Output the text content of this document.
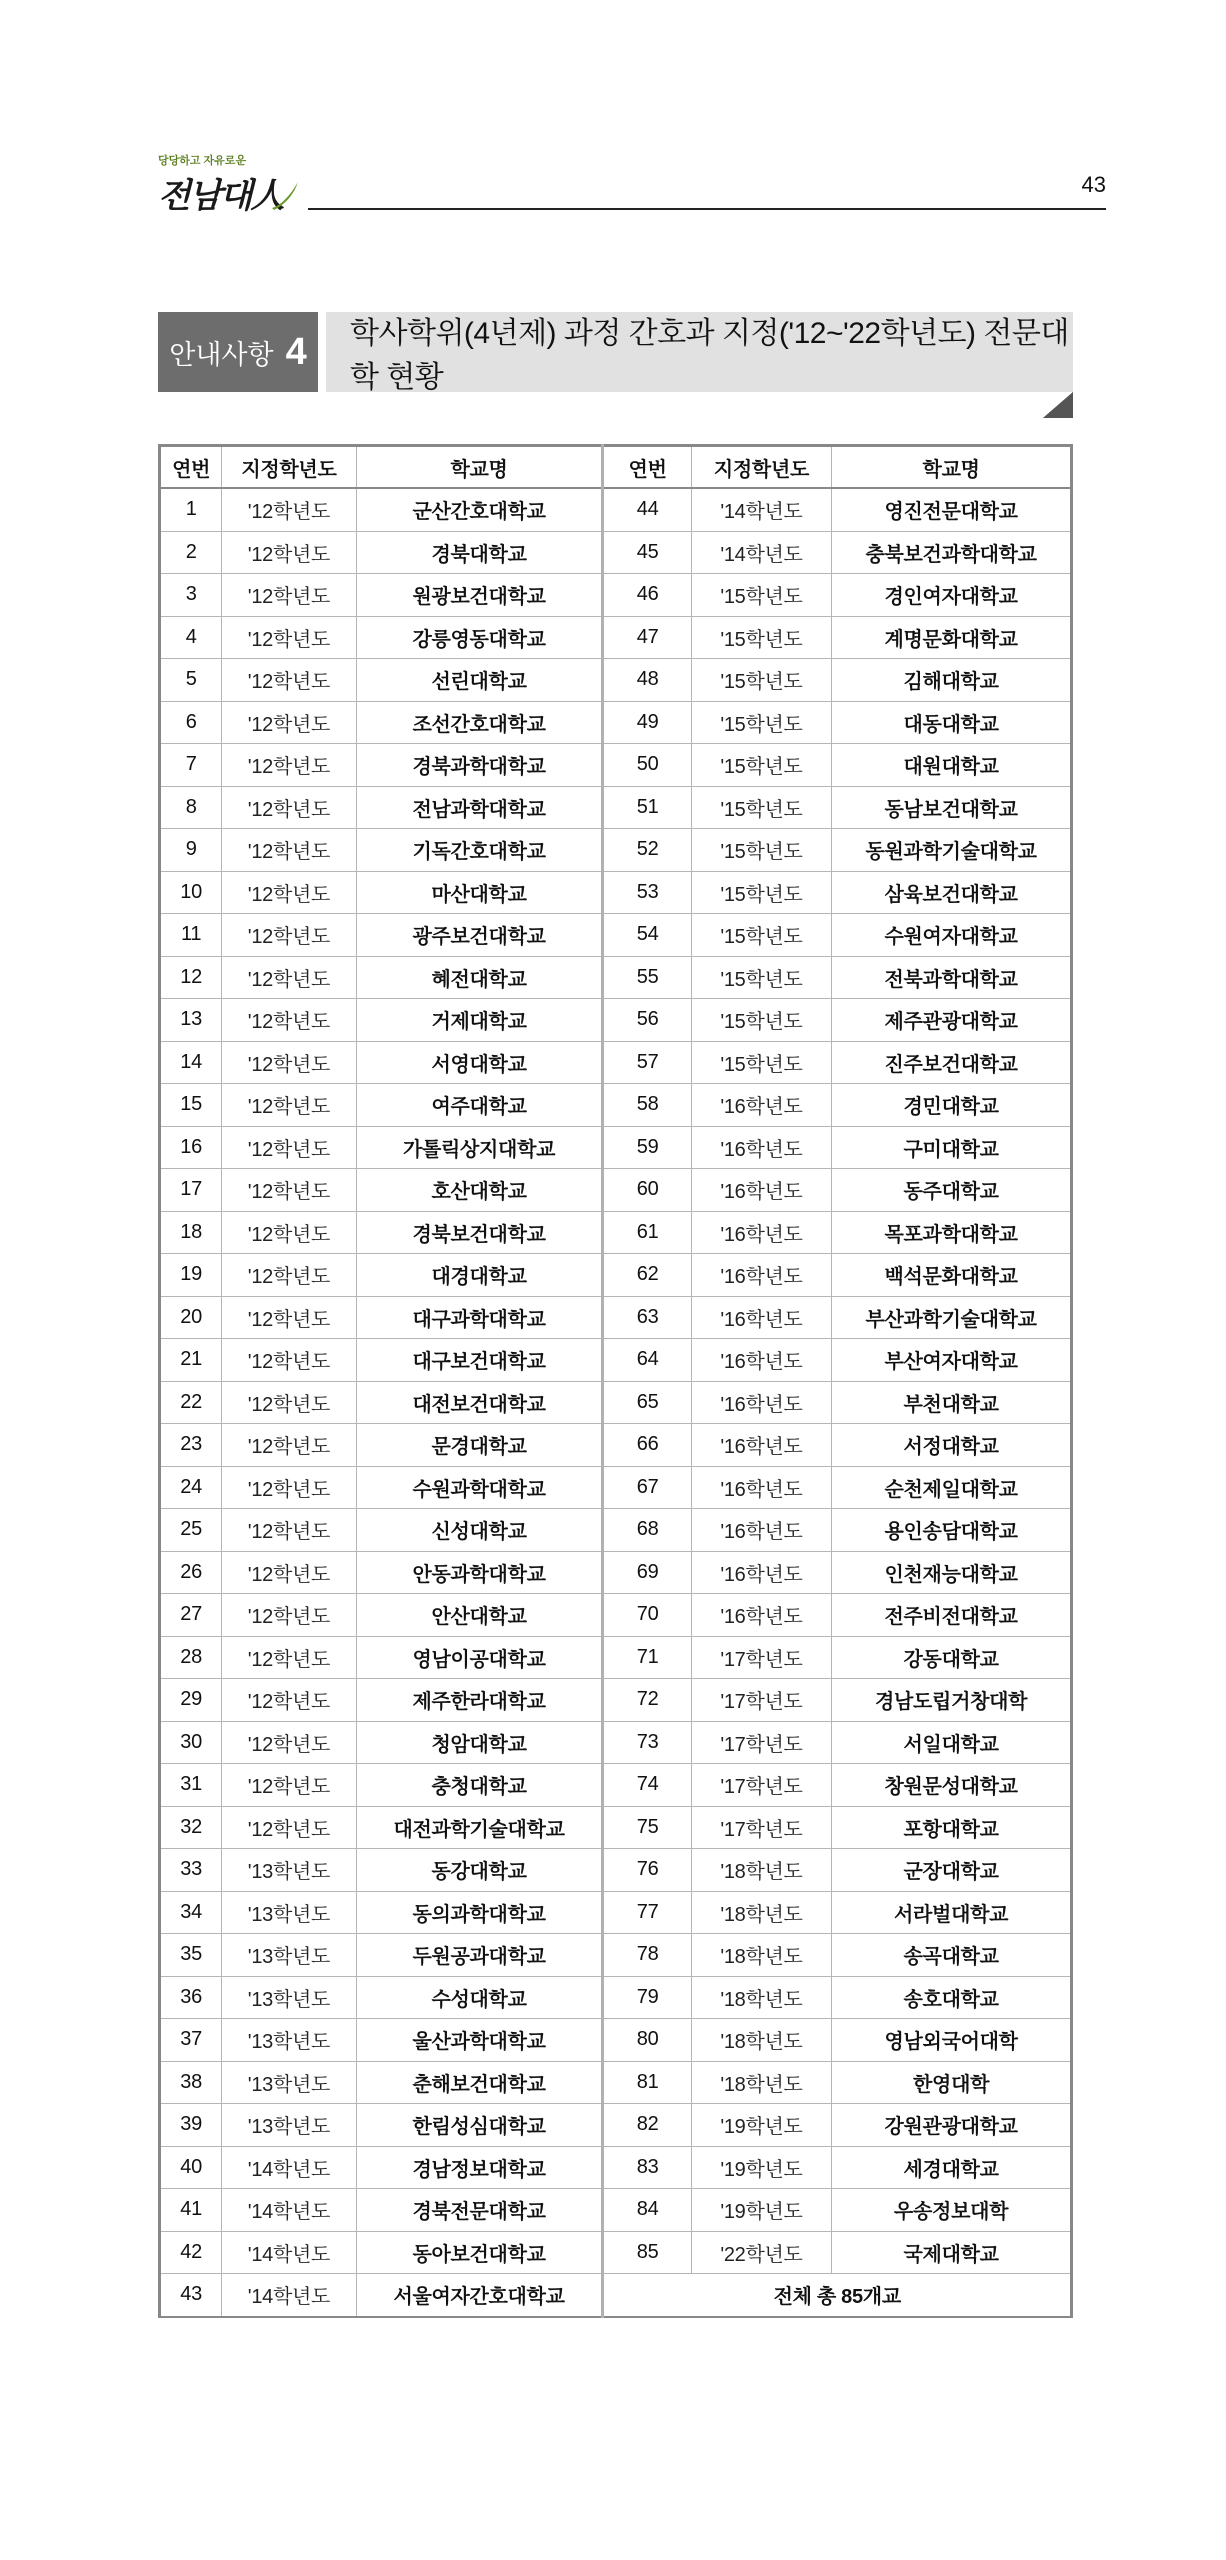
당당하고 자유로운
전남대人	43
안내사항 4	학사학위(4년제) 과정 간호과 지정('12~'22학년도) 전문대학 현황
연번	지정학년도	학교명	연번	지정학년도	학교명
1	'12학년도	군산간호대학교	44	'14학년도	영진전문대학교
2	'12학년도	경북대학교	45	'14학년도	충북보건과학대학교
3	'12학년도	원광보건대학교	46	'15학년도	경인여자대학교
4	'12학년도	강릉영동대학교	47	'15학년도	계명문화대학교
5	'12학년도	선린대학교	48	'15학년도	김해대학교
6	'12학년도	조선간호대학교	49	'15학년도	대동대학교
7	'12학년도	경북과학대학교	50	'15학년도	대원대학교
8	'12학년도	전남과학대학교	51	'15학년도	동남보건대학교
9	'12학년도	기독간호대학교	52	'15학년도	동원과학기술대학교
10	'12학년도	마산대학교	53	'15학년도	삼육보건대학교
11	'12학년도	광주보건대학교	54	'15학년도	수원여자대학교
12	'12학년도	혜전대학교	55	'15학년도	전북과학대학교
13	'12학년도	거제대학교	56	'15학년도	제주관광대학교
14	'12학년도	서영대학교	57	'15학년도	진주보건대학교
15	'12학년도	여주대학교	58	'16학년도	경민대학교
16	'12학년도	가톨릭상지대학교	59	'16학년도	구미대학교
17	'12학년도	호산대학교	60	'16학년도	동주대학교
18	'12학년도	경북보건대학교	61	'16학년도	목포과학대학교
19	'12학년도	대경대학교	62	'16학년도	백석문화대학교
20	'12학년도	대구과학대학교	63	'16학년도	부산과학기술대학교
21	'12학년도	대구보건대학교	64	'16학년도	부산여자대학교
22	'12학년도	대전보건대학교	65	'16학년도	부천대학교
23	'12학년도	문경대학교	66	'16학년도	서정대학교
24	'12학년도	수원과학대학교	67	'16학년도	순천제일대학교
25	'12학년도	신성대학교	68	'16학년도	용인송담대학교
26	'12학년도	안동과학대학교	69	'16학년도	인천재능대학교
27	'12학년도	안산대학교	70	'16학년도	전주비전대학교
28	'12학년도	영남이공대학교	71	'17학년도	강동대학교
29	'12학년도	제주한라대학교	72	'17학년도	경남도립거창대학
30	'12학년도	청암대학교	73	'17학년도	서일대학교
31	'12학년도	충청대학교	74	'17학년도	창원문성대학교
32	'12학년도	대전과학기술대학교	75	'17학년도	포항대학교
33	'13학년도	동강대학교	76	'18학년도	군장대학교
34	'13학년도	동의과학대학교	77	'18학년도	서라벌대학교
35	'13학년도	두원공과대학교	78	'18학년도	송곡대학교
36	'13학년도	수성대학교	79	'18학년도	송호대학교
37	'13학년도	울산과학대학교	80	'18학년도	영남외국어대학
38	'13학년도	춘해보건대학교	81	'18학년도	한영대학
39	'13학년도	한림성심대학교	82	'19학년도	강원관광대학교
40	'14학년도	경남정보대학교	83	'19학년도	세경대학교
41	'14학년도	경북전문대학교	84	'19학년도	우송정보대학
42	'14학년도	동아보건대학교	85	'22학년도	국제대학교
43	'14학년도	서울여자간호대학교	전체 총 85개교		
